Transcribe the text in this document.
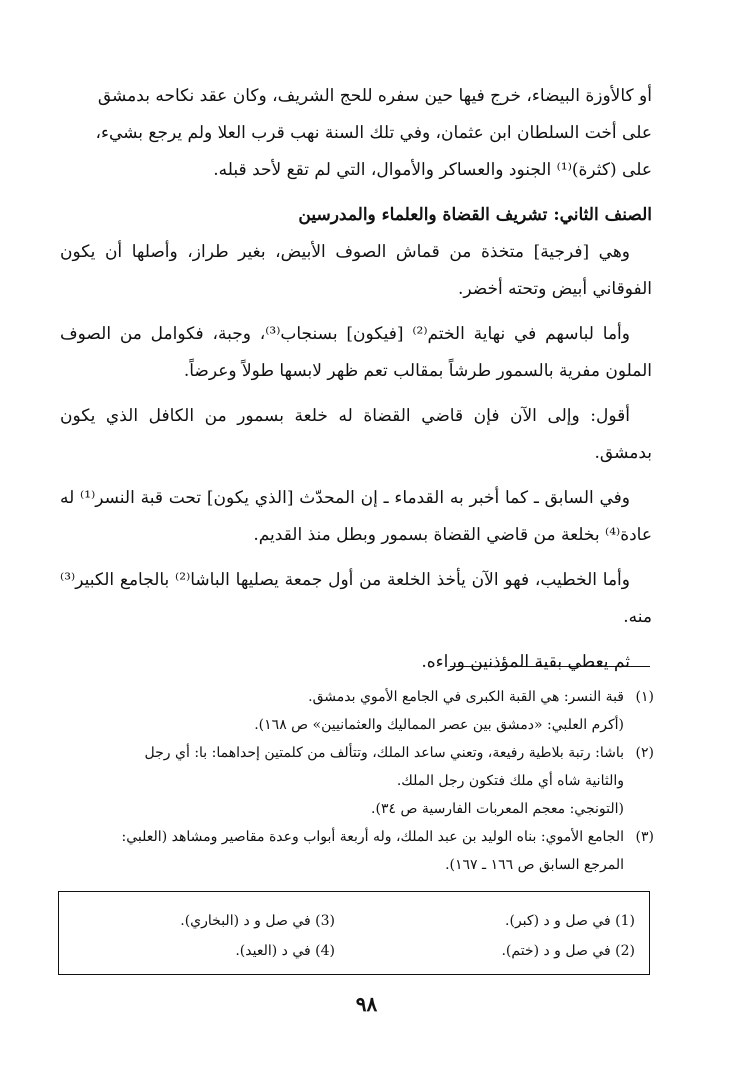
أو كالأوزة البيضاء، خرج فيها حين سفره للحج الشريف، وكان عقد نكاحه بدمشق
على أخت السلطان ابن عثمان، وفي تلك السنة نهب قرب العلا ولم يرجع بشيء،
على (كثرة)⁽¹⁾ الجنود والعساكر والأموال، التي لم تقع لأحد قبله.

الصنف الثاني: تشريف القضاة والعلماء والمدرسين

وهي [فرجية] متخذة من قماش الصوف الأبيض، بغير طراز، وأصلها أن يكون الفوقاني أبيض وتحته أخضر.

وأما لباسهم في نهاية الختم⁽²⁾ [فيكون] بسنجاب⁽³⁾، وجبة، فكوامل من الصوف الملون مفرية بالسمور طرشاً بمقالب تعم ظهر لابسها طولاً وعرضاً.

أقول: وإلى الآن فإن قاضي القضاة له خلعة بسمور من الكافل الذي يكون بدمشق.

وفي السابق ـ كما أخبر به القدماء ـ إن المحدّث [الذي يكون] تحت قبة النسر⁽¹⁾ له عادة⁽⁴⁾ بخلعة من قاضي القضاة بسمور وبطل منذ القديم.

وأما الخطيب، فهو الآن يأخذ الخلعة من أول جمعة يصليها الباشا⁽²⁾ بالجامع الكبير⁽³⁾ منه.

ثم يعطي بقية المؤذنين وراءه.

(١)
قبة النسر: هي القبة الكبرى في الجامع الأموي بدمشق.
(أكرم العلبي: «دمشق بين عصر المماليك والعثمانيين» ص ١٦٨).
(٢)
باشا: رتبة بلاطية رفيعة، وتعني ساعد الملك، وتتألف من كلمتين إحداهما: با: أي رجل
والثانية شاه أي ملك فتكون رجل الملك.
(التونجي: معجم المعربات الفارسية ص ٣٤).
(٣)
الجامع الأموي: بناه الوليد بن عبد الملك، وله أربعة أبواب وعدة مقاصير ومشاهد (العلبي:
المرجع السابق ص ١٦٦ ـ ١٦٧).
(1) في صل و د (كبر).
(2) في صل و د (ختم).
(3) في صل و د (البخاري).
(4) في د (العيد).
٩٨
